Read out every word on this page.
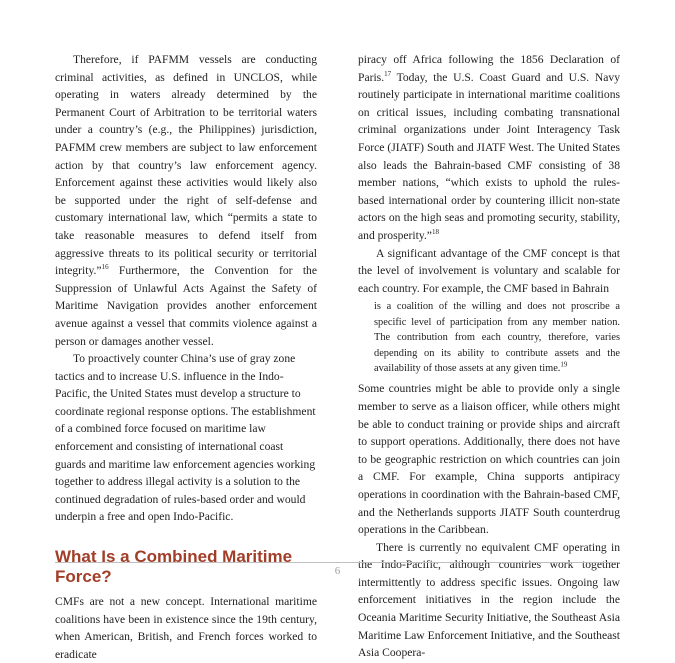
Therefore, if PAFMM vessels are conducting criminal activities, as defined in UNCLOS, while operating in waters already determined by the Permanent Court of Arbitration to be territorial waters under a country’s (e.g., the Philippines) jurisdiction, PAFMM crew members are subject to law enforcement action by that country’s law enforcement agency. Enforcement against these activities would likely also be supported under the right of self-defense and customary international law, which “permits a state to take reasonable measures to defend itself from aggressive threats to its political security or territorial integrity.”$^{16}$ Furthermore, the Convention for the Suppression of Unlawful Acts Against the Safety of Maritime Navigation provides another enforcement avenue against a vessel that commits violence against a person or damages another vessel.

To proactively counter China’s use of gray zone tactics and to increase U.S. influence in the Indo-Pacific, the United States must develop a structure to coordinate regional response options. The establishment of a combined force focused on maritime law enforcement and consisting of international coast guards and maritime law enforcement agencies working together to address illegal activity is a solution to the continued degradation of rules-based order and would underpin a free and open Indo-Pacific.

What Is a Combined Maritime Force?

CMFs are not a new concept. International maritime coalitions have been in existence since the 19th century, when American, British, and French forces worked to eradicate

piracy off Africa following the 1856 Declaration of Paris.$^{17}$ Today, the U.S. Coast Guard and U.S. Navy routinely participate in international maritime coalitions on critical issues, including combating transnational criminal organizations under Joint Interagency Task Force (JIATF) South and JIATF West. The United States also leads the Bahrain-based CMF consisting of 38 member nations, “which exists to uphold the rules-based international order by countering illicit non-state actors on the high seas and promoting security, stability, and prosperity.”$^{18}$

A significant advantage of the CMF concept is that the level of involvement is voluntary and scalable for each country. For example, the CMF based in Bahrain

is a coalition of the willing and does not proscribe a specific level of participation from any member nation. The contribution from each country, therefore, varies depending on its ability to contribute assets and the availability of those assets at any given time.$^{19}$

Some countries might be able to provide only a single member to serve as a liaison officer, while others might be able to conduct training or provide ships and aircraft to support operations. Additionally, there does not have to be geographic restriction on which countries can join a CMF. For example, China supports antipiracy operations in coordination with the Bahrain-based CMF, and the Netherlands supports JIATF South counterdrug operations in the Caribbean.

There is currently no equivalent CMF operating in the Indo-Pacific, although countries work together intermittently to address specific issues. Ongoing law enforcement initiatives in the region include the Oceania Maritime Security Initiative, the Southeast Asia Maritime Law Enforcement Initiative, and the Southeast Asia Coopera-

6
